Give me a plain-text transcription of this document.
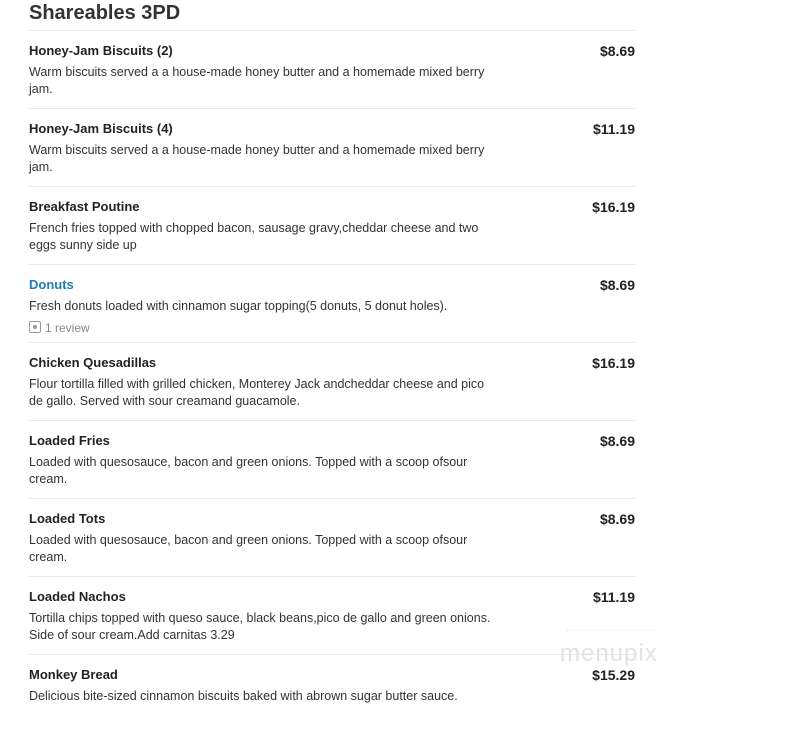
Shareables 3PD
Honey-Jam Biscuits (2)	$8.69
Warm biscuits served a a house-made honey butter and a homemade mixed berry jam.
Honey-Jam Biscuits (4)	$11.19
Warm biscuits served a a house-made honey butter and a homemade mixed berry jam.
Breakfast Poutine	$16.19
French fries topped with chopped bacon, sausage gravy,cheddar cheese and two eggs sunny side up
Donuts	$8.69
Fresh donuts loaded with cinnamon sugar topping(5 donuts, 5 donut holes).
1 review
Chicken Quesadillas	$16.19
Flour tortilla filled with grilled chicken, Monterey Jack andcheddar cheese and pico de gallo. Served with sour creamand guacamole.
Loaded Fries	$8.69
Loaded with quesosauce, bacon and green onions. Topped with a scoop ofsour cream.
Loaded Tots	$8.69
Loaded with quesosauce, bacon and green onions. Topped with a scoop ofsour cream.
Loaded Nachos	$11.19
Tortilla chips topped with queso sauce, black beans,pico de gallo and green onions. Side of sour cream.Add carnitas 3.29
Monkey Bread	$15.29
Delicious bite-sized cinnamon biscuits baked with abrown sugar butter sauce.
menupix
